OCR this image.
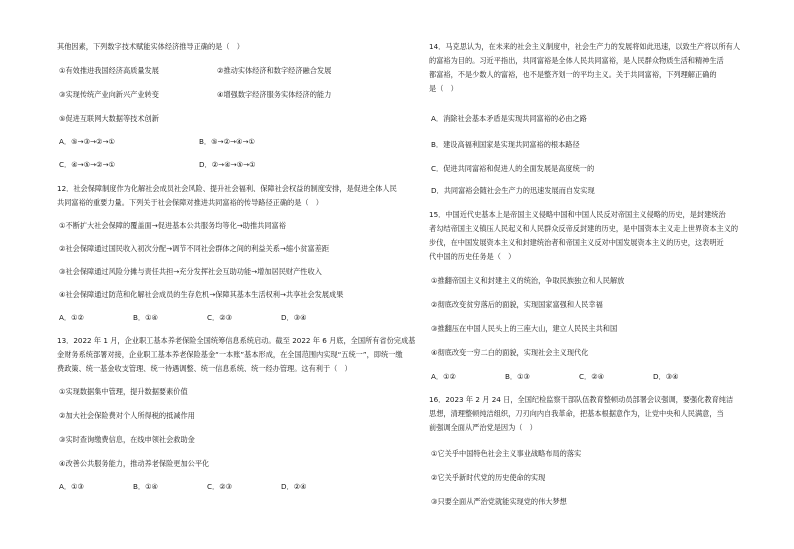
其他因素，下列数字技术赋能实体经济推导正确的是（　）
①有效推进我国经济高质量发展	②推动实体经济和数字经济融合发展
③实现传统产业向新兴产业转变	④增强数字经济服务实体经济的能力
⑤促进互联网大数据等技术创新
A．⑤→③→②→①	B．⑤→②→④→①
C．④→⑤→②→①	D．②→④→⑤→①
12．社会保障制度作为化解社会成员社会风险、提升社会福利、保障社会权益的制度安排，是促进全体人民
共同富裕的重要力量。下列关于社会保障对推进共同富裕的传导路径正确的是（　）
①不断扩大社会保障的覆盖面→促进基本公共服务均等化→助推共同富裕
②社会保障通过国民收入初次分配→调节不同社会群体之间的利益关系→缩小贫富差距
③社会保障通过风险分摊与责任共担→充分发挥社会互助功能→增加居民财产性收入
④社会保障通过防范和化解社会成员的生存危机→保障其基本生活权利→共享社会发展成果
A．①②	B．①④	C．②③	D．③④
13．2022 年 1 月，企业职工基本养老保险全国统筹信息系统启动。截至 2022 年 6 月底，全国所有省份完成基
金财务系统部署对接，企业职工基本养老保险基金“一本账”基本形成，在全国范围内实现“五统一”，即统一缴
费政策、统一基金收支管理、统一待遇调整、统一信息系统、统一经办管理。这有利于（　）
①实现数据集中管理，提升数据要素价值
②加大社会保险费对个人所得税的抵减作用
③实时查询缴费信息，在线申领社会救助金
④改善公共服务能力，推动养老保险更加公平化
A．①③	B．①④	C．②③	D．②④
14．马克思认为，在未来的社会主义制度中，社会生产力的发展将如此迅速，以致生产将以所有人
的富裕为目的。习近平指出，共同富裕是全体人民共同富裕，是人民群众物质生活和精神生活
都富裕，不是少数人的富裕，也不是整齐划一的平均主义。关于共同富裕，下列理解正确的
是（　）
A．消除社会基本矛盾是实现共同富裕的必由之路
B．建设高福利国家是实现共同富裕的根本路径
C．促进共同富裕和促进人的全面发展是高度统一的
D．共同富裕会随社会生产力的迅速发展而自发实现
15．中国近代史基本上是帝国主义侵略中国和中国人民反对帝国主义侵略的历史，是封建统治
者勾结帝国主义镇压人民起义和人民群众反帝反封建的历史，是中国资本主义走上世界资本主义的
步伐，在中国发展资本主义和封建统治者和帝国主义反对中国发展资本主义的历史，这表明近
代中国的历史任务是（　）
①推翻帝国主义和封建主义的统治，争取民族独立和人民解放
②彻底改变贫穷落后的面貌，实现国家富强和人民幸福
③推翻压在中国人民头上的三座大山，建立人民民主共和国
④彻底改变一穷二白的面貌，实现社会主义现代化
A．①②	B．①③	C．②④	D．③④
16．2023 年 2 月 24 日，全国纪检监察干部队伍教育整顿动员部署会议强调，要强化教育纯洁
思想，清理整顿纯洁组织，刀刃向内自我革命，把基本根据意作为，让党中央和人民满意，当
前强调全面从严治党是因为（　）
①它关乎中国特色社会主义事业战略布局的落实
②它关乎新时代党的历史使命的实现
③只要全面从严治党就能实现党的伟大梦想
